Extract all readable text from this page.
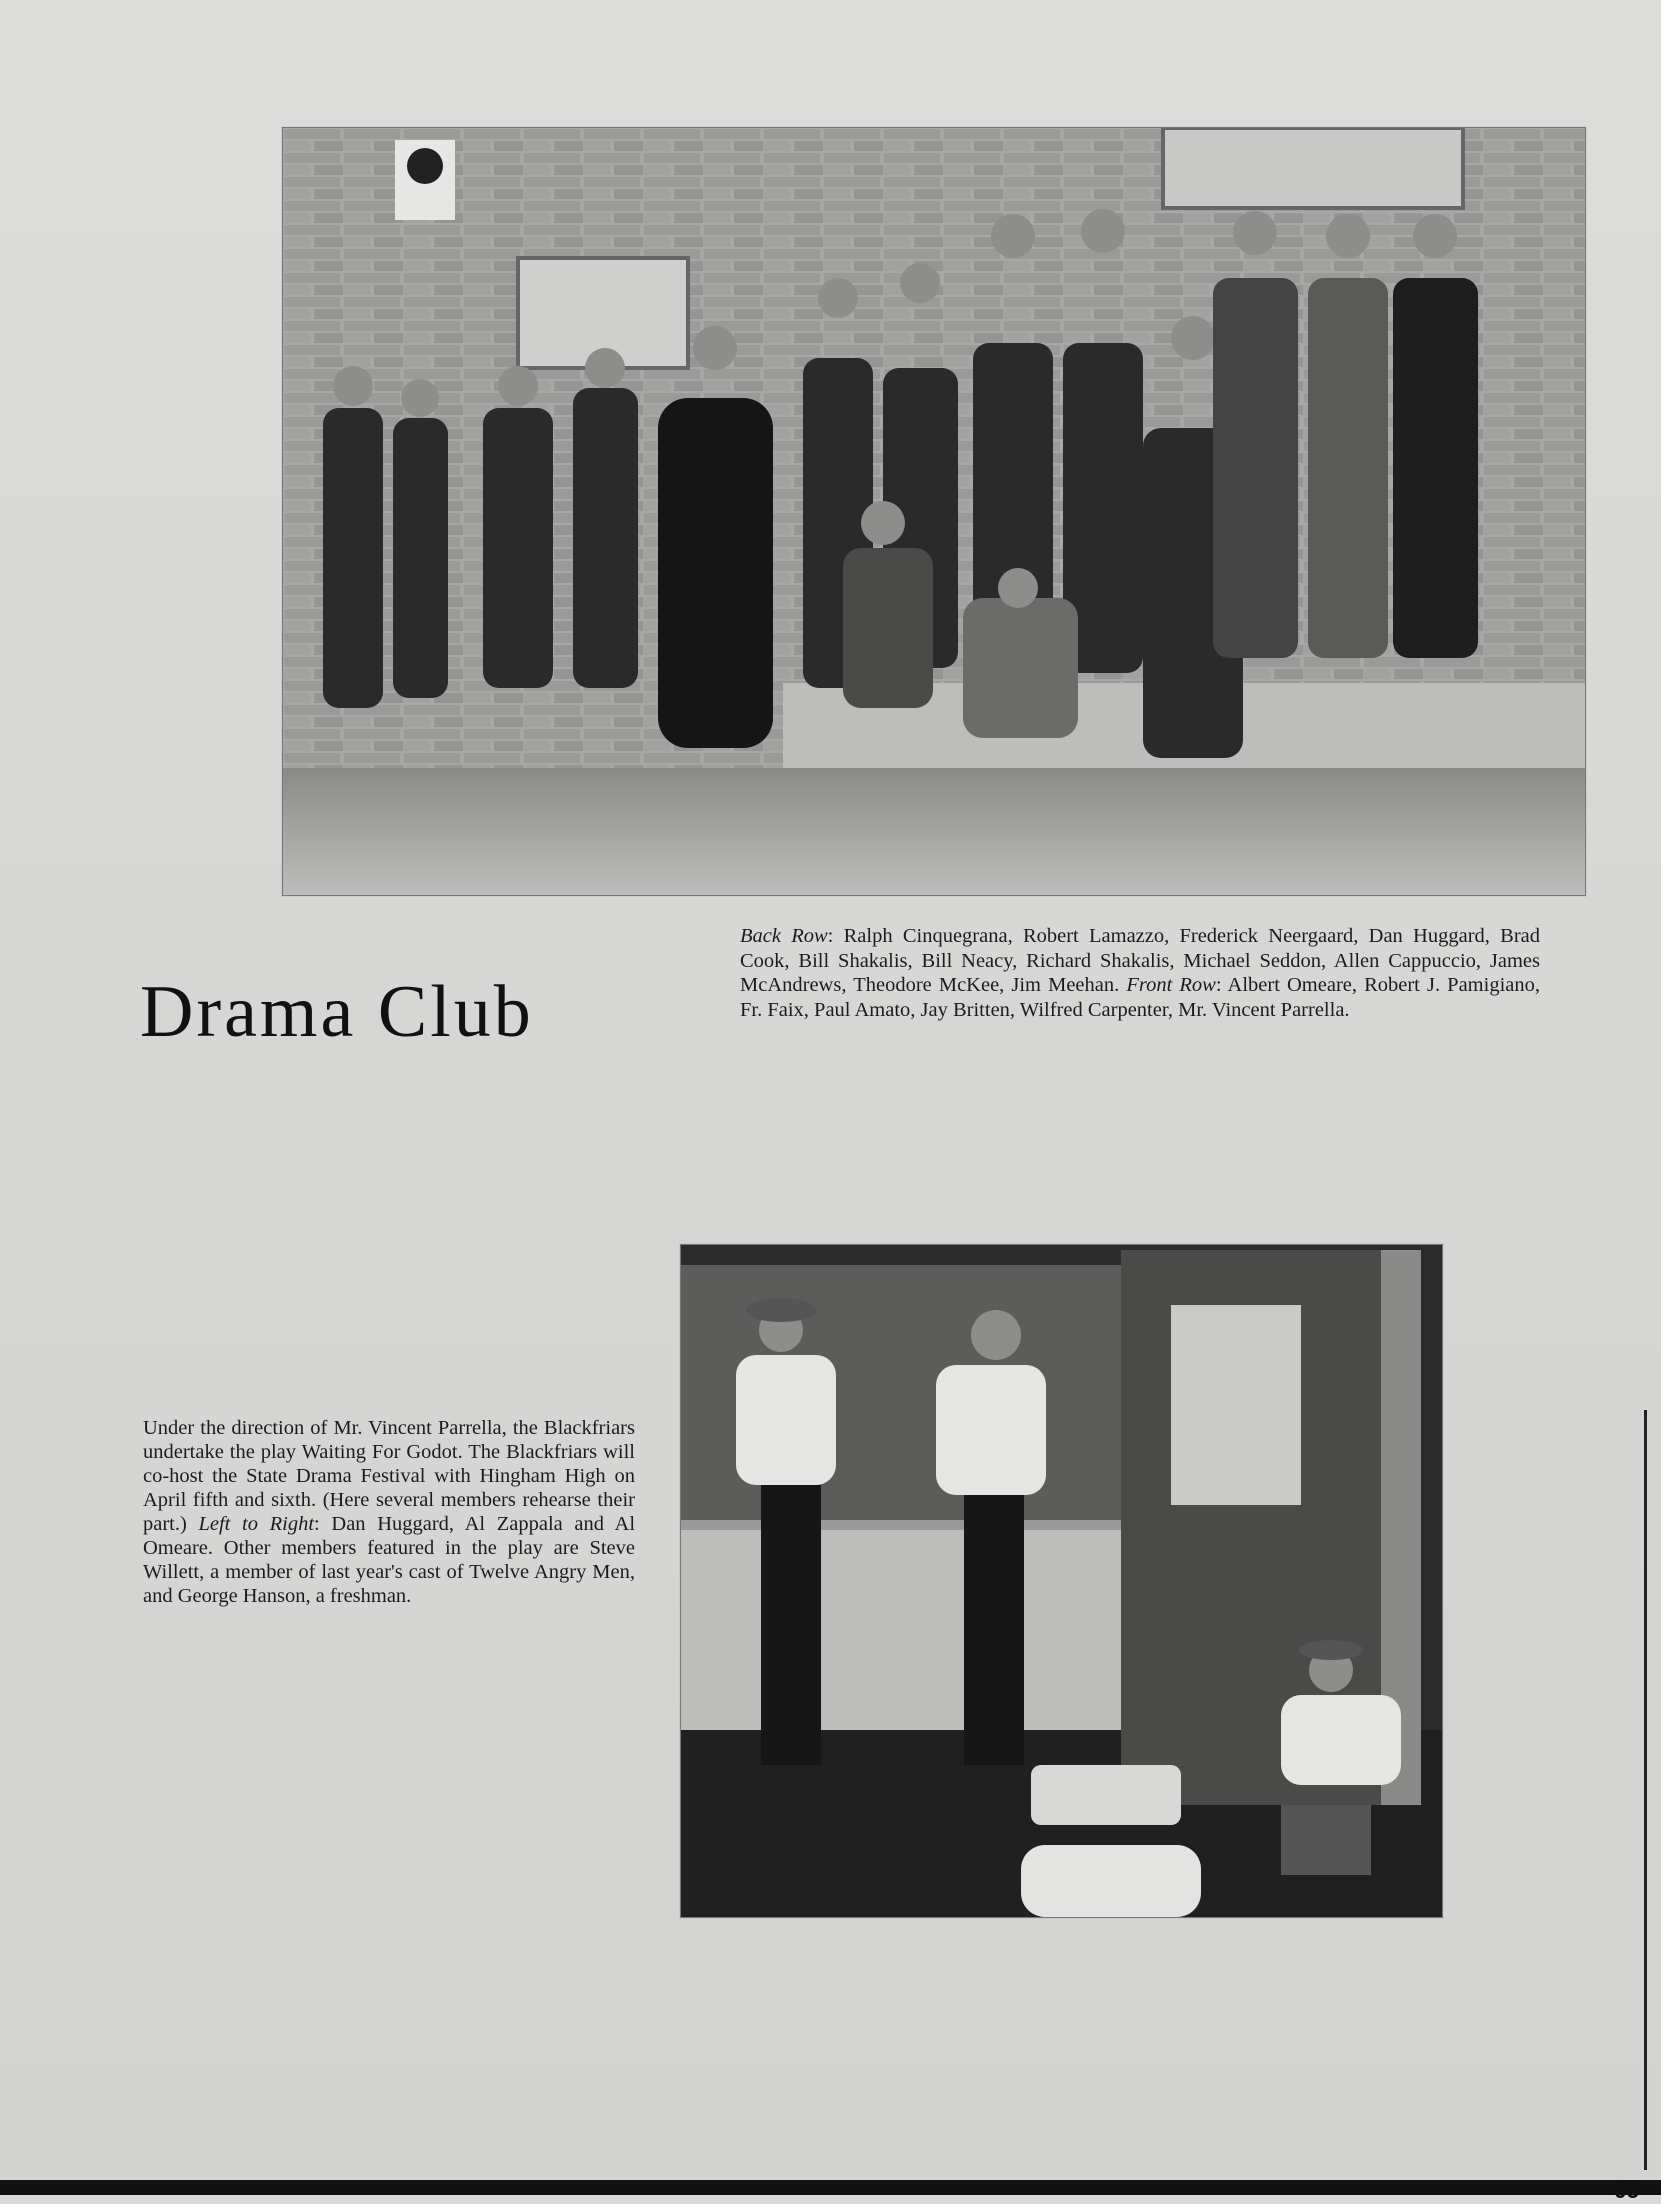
Drama Club
Back Row: Ralph Cinquegrana, Robert Lamazzo, Frederick Neergaard, Dan Huggard, Brad Cook, Bill Shakalis, Bill Neacy, Richard Shakalis, Michael Seddon, Allen Cappuccio, James McAndrews, Theodore McKee, Jim Meehan. Front Row: Albert Omeare, Robert J. Pamigiano, Fr. Faix, Paul Amato, Jay Britten, Wilfred Carpenter, Mr. Vincent Parrella.
Under the direction of Mr. Vincent Parrella, the Blackfriars undertake the play Waiting For Godot. The Blackfriars will co-host the State Drama Festival with Hingham High on April fifth and sixth. (Here several members rehearse their part.) Left to Right: Dan Huggard, Al Zappala and Al Omeare. Other members featured in the play are Steve Willett, a member of last year's cast of Twelve Angry Men, and George Hanson, a freshman.
95
